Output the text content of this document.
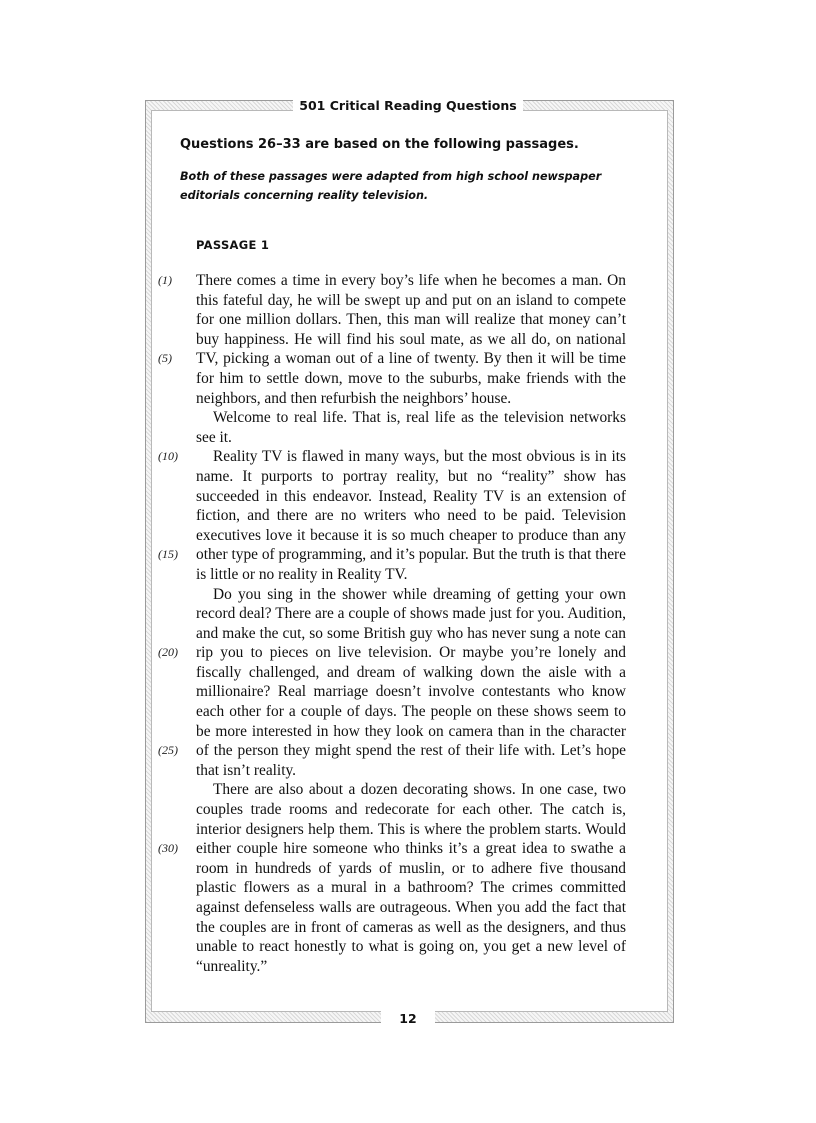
501 Critical Reading Questions
Questions 26–33 are based on the following passages.
Both of these passages were adapted from high school newspaper editorials concerning reality television.
PASSAGE 1
(1)
(5)
(10)
(15)
(20)
(25)
(30)

There comes a time in every boy’s life when he becomes a man. On this fateful day, he will be swept up and put on an island to compete for one million dollars. Then, this man will realize that money can’t buy happiness. He will find his soul mate, as we all do, on national TV, picking a woman out of a line of twenty. By then it will be time for him to settle down, move to the suburbs, make friends with the neighbors, and then refurbish the neighbors’ house.

Welcome to real life. That is, real life as the television networks see it.

Reality TV is flawed in many ways, but the most obvious is in its name. It purports to portray reality, but no “reality” show has succeeded in this endeavor. Instead, Reality TV is an extension of fiction, and there are no writers who need to be paid. Television executives love it because it is so much cheaper to produce than any other type of programming, and it’s popular. But the truth is that there is little or no reality in Reality TV.

Do you sing in the shower while dreaming of getting your own record deal? There are a couple of shows made just for you. Audition, and make the cut, so some British guy who has never sung a note can rip you to pieces on live television. Or maybe you’re lonely and fiscally challenged, and dream of walking down the aisle with a millionaire? Real marriage doesn’t involve contestants who know each other for a couple of days. The people on these shows seem to be more interested in how they look on camera than in the character of the person they might spend the rest of their life with. Let’s hope that isn’t reality.

There are also about a dozen decorating shows. In one case, two couples trade rooms and redecorate for each other. The catch is, interior designers help them. This is where the problem starts. Would either couple hire someone who thinks it’s a great idea to swathe a room in hundreds of yards of muslin, or to adhere five thousand plastic flowers as a mural in a bathroom? The crimes committed against defenseless walls are outrageous. When you add the fact that the couples are in front of cameras as well as the designers, and thus unable to react honestly to what is going on, you get a new level of “unreality.”

12
